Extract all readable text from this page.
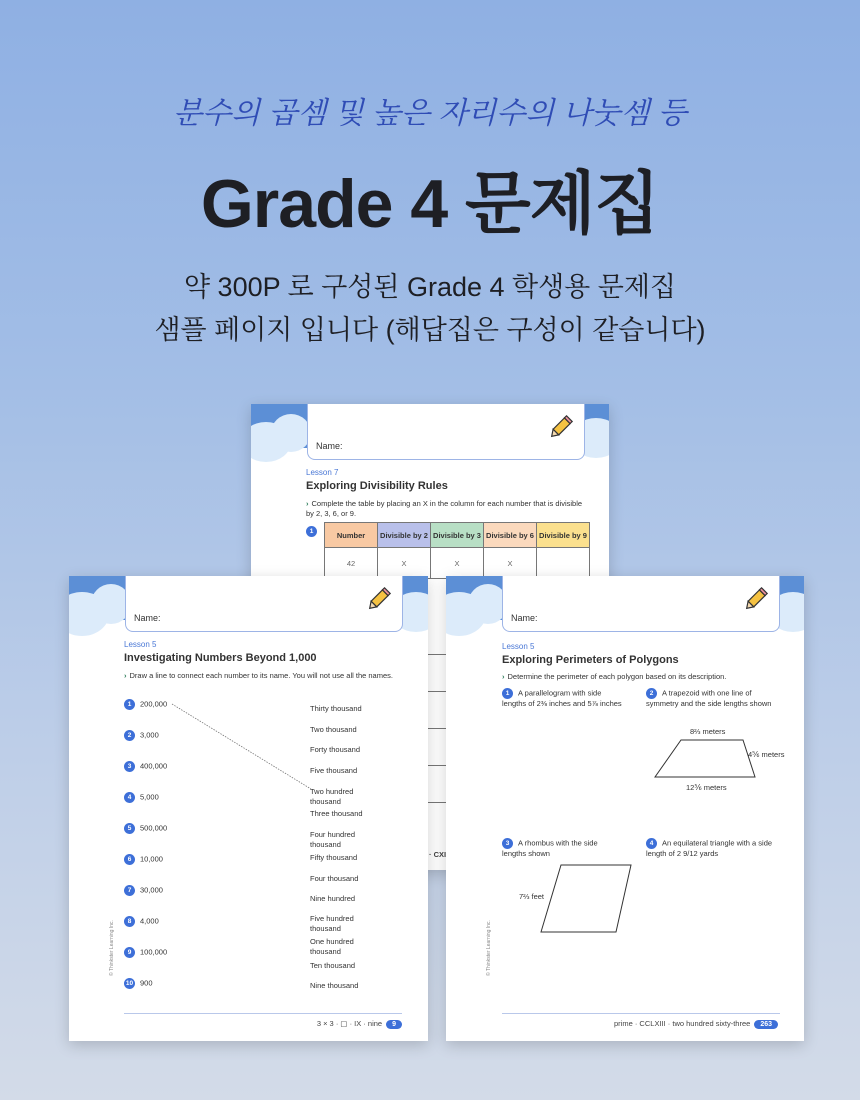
분수의 곱셈 및 높은 자리수의 나눗셈 등
Grade 4 문제집
약 300P 로 구성된 Grade 4 학생용 문제집
샘플 페이지 입니다 (해답집은 구성이 같습니다)
Name:
Lesson 7
Exploring Divisibility Rules
› Complete the table by placing an X in the column for each number that is divisible by 2, 3, 6, or 9.
1	Number	Divisible by 2	Divisible by 3	Divisible by 6	Divisible by 9
42	X	X	X	
· CXI
Name:
Lesson 5
Investigating Numbers Beyond 1,000
› Draw a line to connect each number to its name. You will not use all the names.
1 200,000
2 3,000
3 400,000
4 5,000
5 500,000
6 10,000
7 30,000
8 4,000
9 100,000
10 900
Thirty thousand
Two thousand
Forty thousand
Five thousand
Two hundred thousand
Three thousand
Four hundred thousand
Fifty thousand
Four thousand
Nine hundred
Five hundred thousand
One hundred thousand
Ten thousand
Nine thousand
© Thinkster Learning Inc.
3 × 3 · ▢ · IX · nine 9
Name:
Lesson 5
Exploring Perimeters of Polygons
› Determine the perimeter of each polygon based on its description.
1 A parallelogram with side lengths of 2⅜ inches and 5⅞ inches
2 A trapezoid with one line of symmetry and the side lengths shown
8⅔ meters
4⅚ meters
12⅚ meters
3 A rhombus with the side lengths shown
4 An equilateral triangle with a side length of 2 9/12 yards
7⅔ feet
© Thinkster Learning Inc.
prime · CCLXIII · two hundred sixty-three 263
